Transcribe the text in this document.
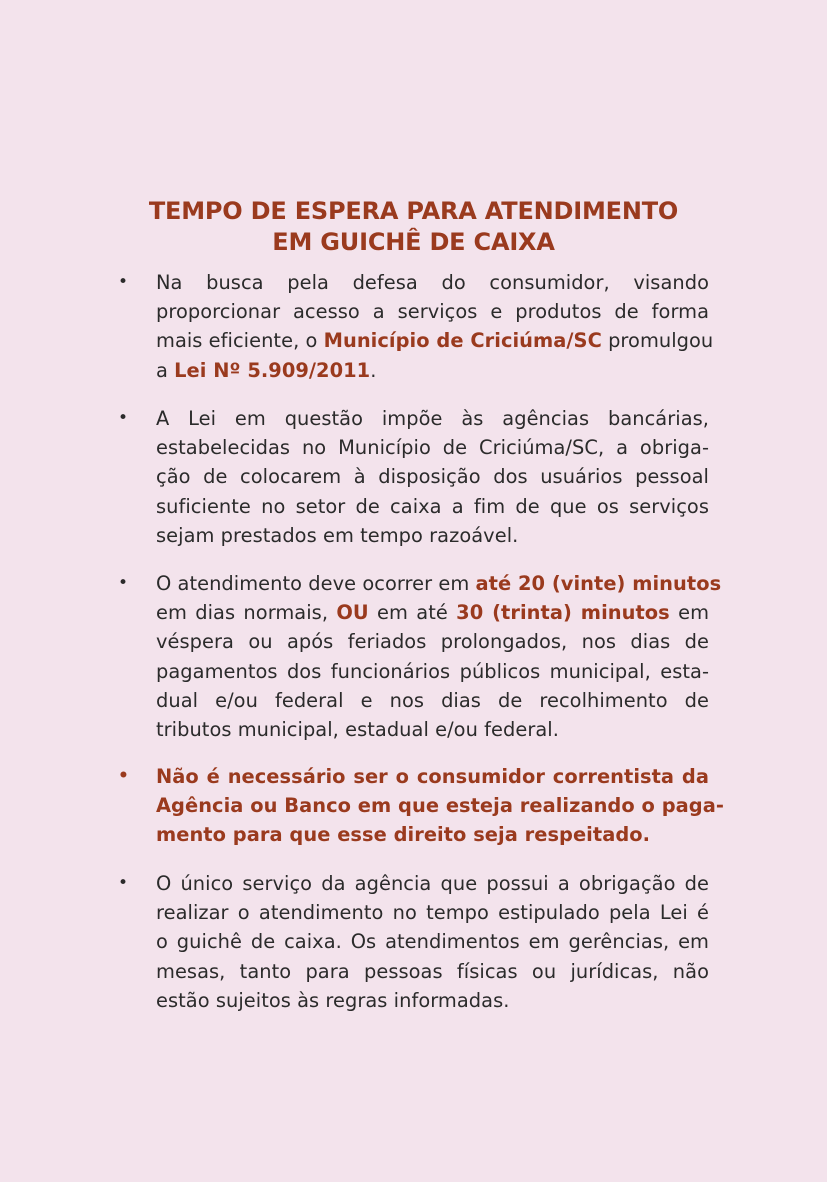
TEMPO DE ESPERA PARA ATENDIMENTO
EM GUICHÊ DE CAIXA
• Na busca pela defesa do consumidor, visando
proporcionar acesso a serviços e produtos de forma
mais eficiente, o Município de Criciúma/SC promulgou
a Lei Nº 5.909/2011.
• A Lei em questão impõe às agências bancárias,
estabelecidas no Município de Criciúma/SC, a obriga-
ção de colocarem à disposição dos usuários pessoal
suficiente no setor de caixa a fim de que os serviços
sejam prestados em tempo razoável.
• O atendimento deve ocorrer em até 20 (vinte) minutos
em dias normais, OU em até 30 (trinta) minutos em
véspera ou após feriados prolongados, nos dias de
pagamentos dos funcionários públicos municipal, esta-
dual e/ou federal e nos dias de recolhimento de
tributos municipal, estadual e/ou federal.
• Não é necessário ser o consumidor correntista da
Agência ou Banco em que esteja realizando o paga-
mento para que esse direito seja respeitado.
• O único serviço da agência que possui a obrigação de
realizar o atendimento no tempo estipulado pela Lei é
o guichê de caixa. Os atendimentos em gerências, em
mesas, tanto para pessoas físicas ou jurídicas, não
estão sujeitos às regras informadas.
